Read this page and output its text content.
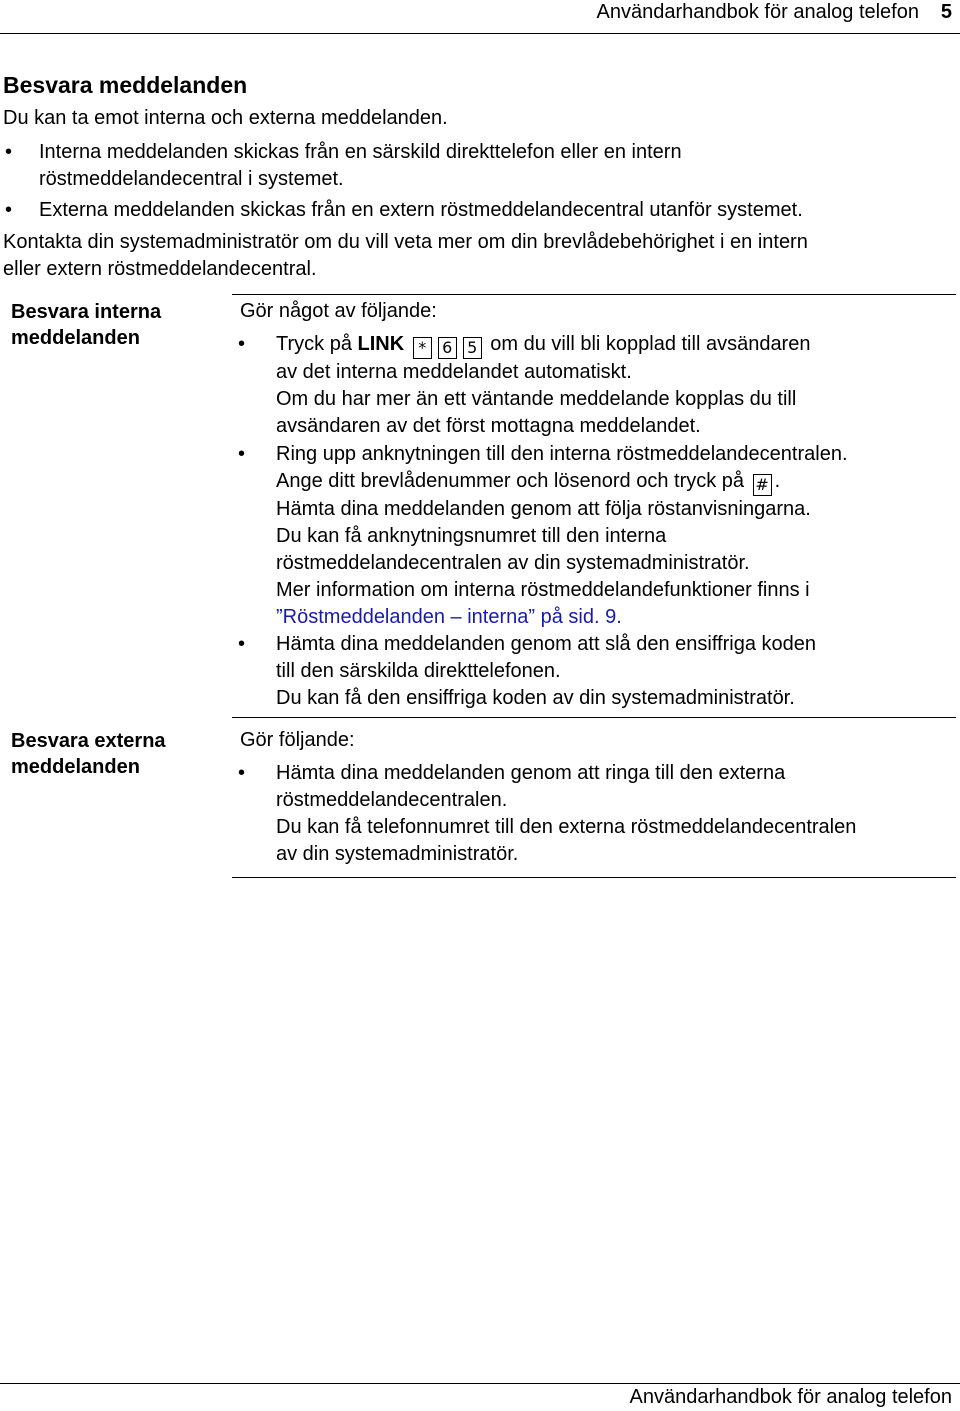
Användarhandbok för analog telefon 5
Besvara meddelanden
Du kan ta emot interna och externa meddelanden.
• Interna meddelanden skickas från en särskild direkttelefon eller en intern
röstmeddelandecentral i systemet.
• Externa meddelanden skickas från en extern röstmeddelandecentral utanför systemet.
Kontakta din systemadministratör om du vill veta mer om din brevlådebehörighet i en intern
eller extern röstmeddelandecentral.
Besvara interna
meddelanden
Gör något av följande:
• Tryck på LINK * 6 5 om du vill bli kopplad till avsändaren
av det interna meddelandet automatiskt.
Om du har mer än ett väntande meddelande kopplas du till
avsändaren av det först mottagna meddelandet.
• Ring upp anknytningen till den interna röstmeddelandecentralen.
Ange ditt brevlådenummer och lösenord och tryck på # .
Hämta dina meddelanden genom att följa röstanvisningarna.
Du kan få anknytningsnumret till den interna
röstmeddelandecentralen av din systemadministratör.
Mer information om interna röstmeddelandefunktioner finns i
”Röstmeddelanden – interna” på sid. 9.
• Hämta dina meddelanden genom att slå den ensiffriga koden
till den särskilda direkttelefonen.
Du kan få den ensiffriga koden av din systemadministratör.
Besvara externa
meddelanden
Gör följande:
• Hämta dina meddelanden genom att ringa till den externa
röstmeddelandecentralen.
Du kan få telefonnumret till den externa röstmeddelandecentralen
av din systemadministratör.
Användarhandbok för analog telefon
